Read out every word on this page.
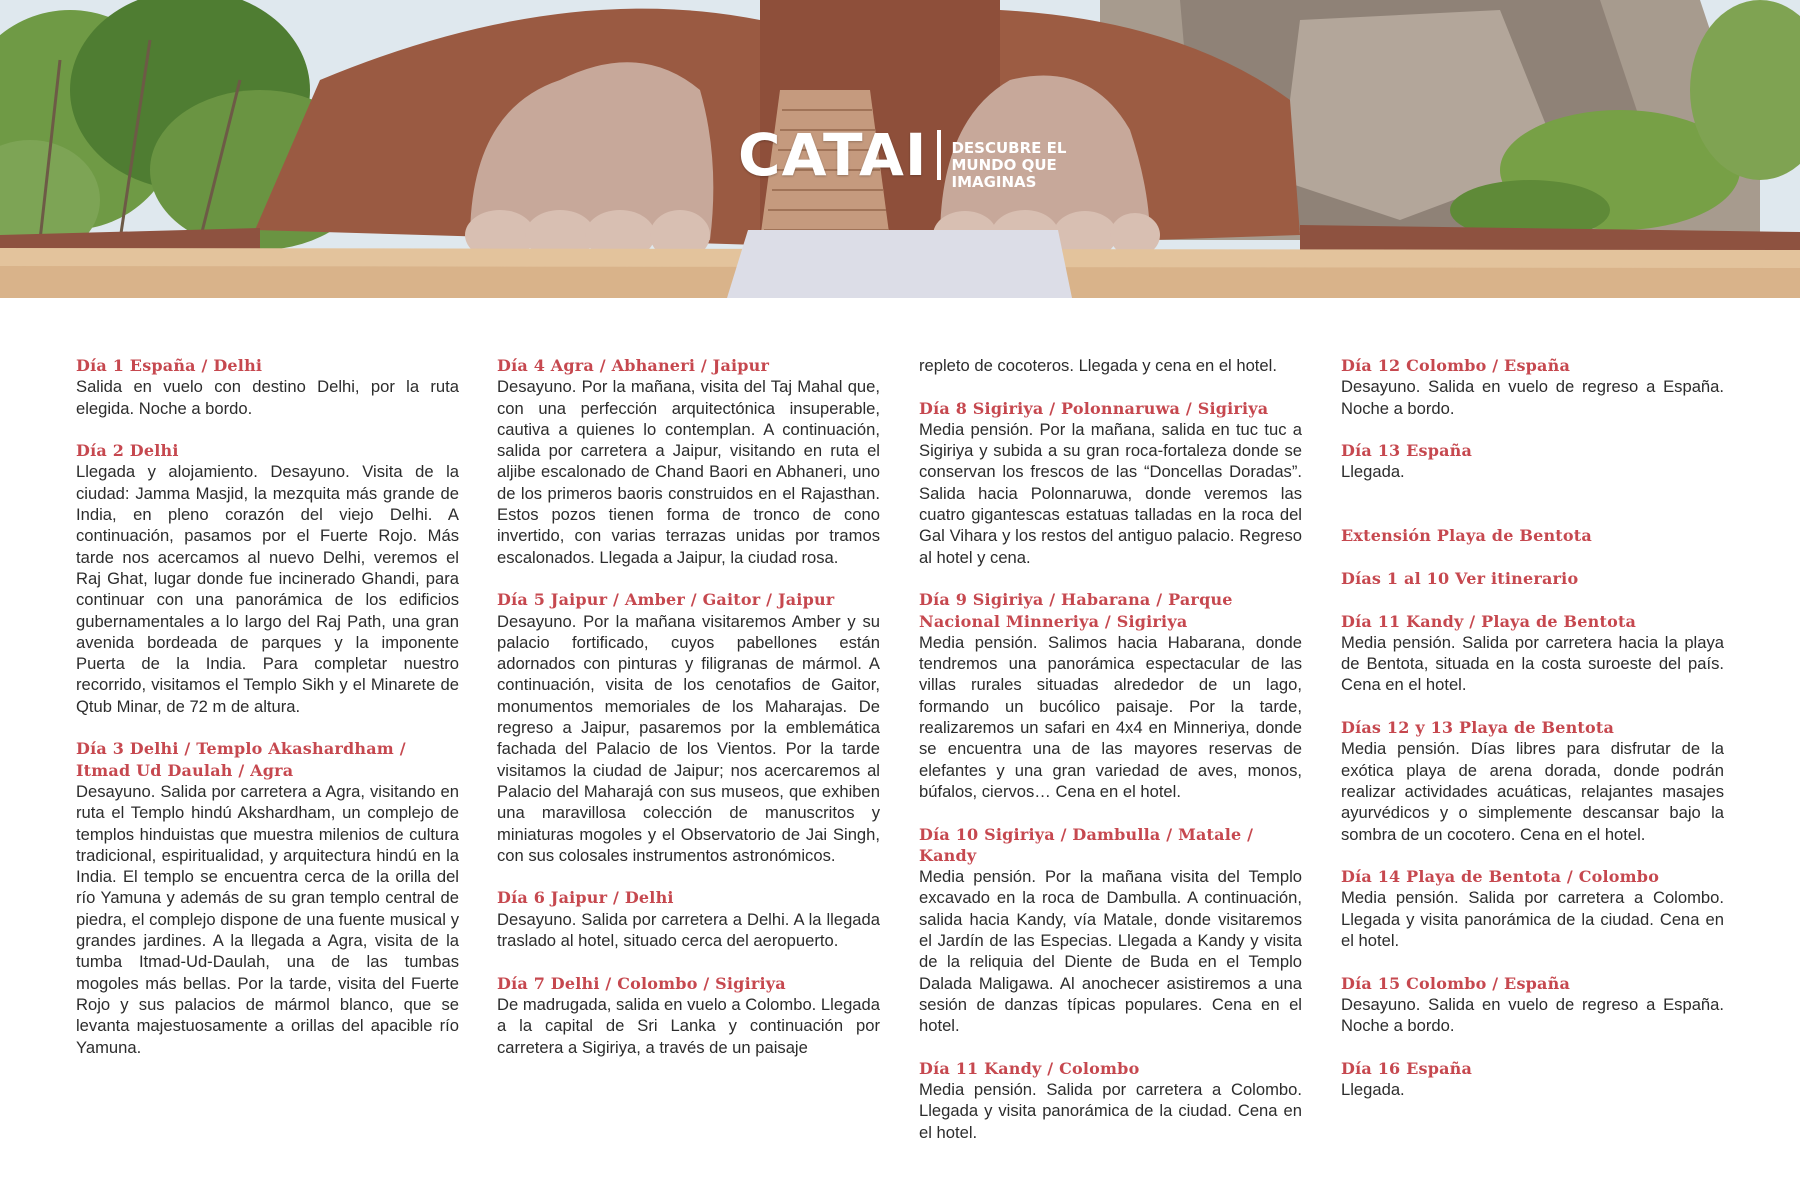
CATAI DESCUBRE EL MUNDO QUE IMAGINAS
Día 1 España / Delhi
Salida en vuelo con destino Delhi, por la ruta elegida. Noche a bordo.
Día 2 Delhi
Llegada y alojamiento. Desayuno. Visita de la ciudad: Jamma Masjid, la mezquita más grande de India, en pleno corazón del viejo Delhi. A continuación, pasamos por el Fuerte Rojo. Más tarde nos acercamos al nuevo Delhi, veremos el Raj Ghat, lugar donde fue incinerado Ghandi, para continuar con una panorámica de los edificios gubernamentales a lo largo del Raj Path, una gran avenida bordeada de parques y la imponente Puerta de la India. Para completar nuestro recorrido, visitamos el Templo Sikh y el Minarete de Qtub Minar, de 72 m de altura.
Día 3 Delhi / Templo Akashardham / Itmad Ud Daulah / Agra
Desayuno. Salida por carretera a Agra, visitando en ruta el Templo hindú Akshardham, un complejo de templos hinduistas que muestra milenios de cultura tradicional, espiritualidad, y arquitectura hindú en la India. El templo se encuentra cerca de la orilla del río Yamuna y además de su gran templo central de piedra, el complejo dispone de una fuente musical y grandes jardines. A la llegada a Agra, visita de la tumba Itmad-Ud-Daulah, una de las tumbas mogoles más bellas. Por la tarde, visita del Fuerte Rojo y sus palacios de mármol blanco, que se levanta majestuosamente a orillas del apacible río Yamuna.
Día 4 Agra / Abhaneri / Jaipur
Desayuno. Por la mañana, visita del Taj Mahal que, con una perfección arquitectónica insuperable, cautiva a quienes lo contemplan. A continuación, salida por carretera a Jaipur, visitando en ruta el aljibe escalonado de Chand Baori en Abhaneri, uno de los primeros baoris construidos en el Rajasthan. Estos pozos tienen forma de tronco de cono invertido, con varias terrazas unidas por tramos escalonados. Llegada a Jaipur, la ciudad rosa.
Día 5 Jaipur / Amber / Gaitor / Jaipur
Desayuno. Por la mañana visitaremos Amber y su palacio fortificado, cuyos pabellones están adornados con pinturas y filigranas de mármol. A continuación, visita de los cenotafios de Gaitor, monumentos memoriales de los Maharajas. De regreso a Jaipur, pasaremos por la emblemática fachada del Palacio de los Vientos. Por la tarde visitamos la ciudad de Jaipur; nos acercaremos al Palacio del Maharajá con sus museos, que exhiben una maravillosa colección de manuscritos y miniaturas mogoles y el Observatorio de Jai Singh, con sus colosales instrumentos astronómicos.
Día 6 Jaipur / Delhi
Desayuno. Salida por carretera a Delhi. A la llegada traslado al hotel, situado cerca del aeropuerto.
Día 7 Delhi / Colombo / Sigiriya
De madrugada, salida en vuelo a Colombo. Llegada a la capital de Sri Lanka y continuación por carretera a Sigiriya, a través de un paisaje
repleto de cocoteros. Llegada y cena en el hotel.
Día 8 Sigiriya / Polonnaruwa / Sigiriya
Media pensión. Por la mañana, salida en tuc tuc a Sigiriya y subida a su gran roca-fortaleza donde se conservan los frescos de las “Doncellas Doradas”. Salida hacia Polonnaruwa, donde veremos las cuatro gigantescas estatuas talladas en la roca del Gal Vihara y los restos del antiguo palacio. Regreso al hotel y cena.
Día 9 Sigiriya / Habarana / Parque Nacional Minneriya / Sigiriya
Media pensión. Salimos hacia Habarana, donde tendremos una panorámica espectacular de las villas rurales situadas alrededor de un lago, formando un bucólico paisaje. Por la tarde, realizaremos un safari en 4x4 en Minneriya, donde se encuentra una de las mayores reservas de elefantes y una gran variedad de aves, monos, búfalos, ciervos… Cena en el hotel.
Día 10 Sigiriya / Dambulla / Matale / Kandy
Media pensión. Por la mañana visita del Templo excavado en la roca de Dambulla. A continuación, salida hacia Kandy, vía Matale, donde visitaremos el Jardín de las Especias. Llegada a Kandy y visita de la reliquia del Diente de Buda en el Templo Dalada Maligawa. Al anochecer asistiremos a una sesión de danzas típicas populares. Cena en el hotel.
Día 11 Kandy / Colombo
Media pensión. Salida por carretera a Colombo. Llegada y visita panorámica de la ciudad. Cena en el hotel.
Día 12 Colombo / España
Desayuno. Salida en vuelo de regreso a España. Noche a bordo.
Día 13 España
Llegada.
Extensión Playa de Bentota
Días 1 al 10 Ver itinerario
Día 11 Kandy / Playa de Bentota
Media pensión. Salida por carretera hacia la playa de Bentota, situada en la costa suroeste del país. Cena en el hotel.
Días 12 y 13 Playa de Bentota
Media pensión. Días libres para disfrutar de la exótica playa de arena dorada, donde podrán realizar actividades acuáticas, relajantes masajes ayurvédicos y o simplemente descansar bajo la sombra de un cocotero. Cena en el hotel.
Día 14 Playa de Bentota / Colombo
Media pensión. Salida por carretera a Colombo. Llegada y visita panorámica de la ciudad. Cena en el hotel.
Día 15 Colombo / España
Desayuno. Salida en vuelo de regreso a España. Noche a bordo.
Día 16 España
Llegada.
